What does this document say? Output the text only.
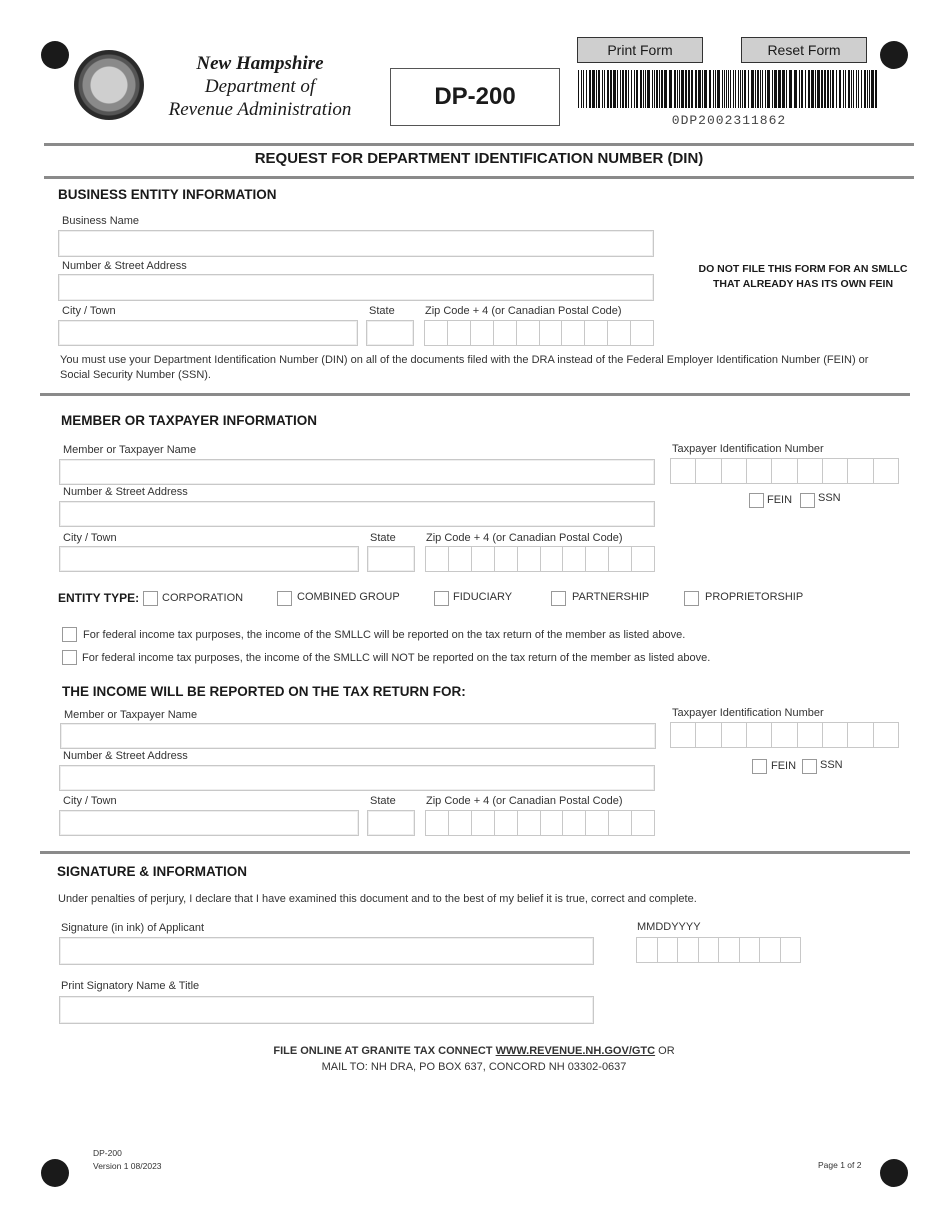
New Hampshire
Department of
Revenue Administration	DP-200
Print Form	Reset Form
0DP2002311862
REQUEST FOR DEPARTMENT IDENTIFICATION NUMBER (DIN)
BUSINESS ENTITY INFORMATION
Business Name
Number & Street Address
City / Town	State	Zip Code + 4 (or Canadian Postal Code)
DO NOT FILE THIS FORM FOR AN SMLLC
THAT ALREADY HAS ITS OWN FEIN
You must use your Department Identification Number (DIN) on all of the documents filed with the DRA instead of the Federal Employer Identification Number (FEIN) or
Social Security Number (SSN).
MEMBER OR TAXPAYER INFORMATION
Member or Taxpayer Name	Taxpayer Identification Number
FEIN SSN
Number & Street Address
City / Town	State	Zip Code + 4 (or Canadian Postal Code)
ENTITY TYPE: CORPORATION	COMBINED GROUP	FIDUCIARY	PARTNERSHIP	PROPRIETORSHIP
For federal income tax purposes, the income of the SMLLC will be reported on the tax return of the member as listed above.
For federal income tax purposes, the income of the SMLLC will NOT be reported on the tax return of the member as listed above.
THE INCOME WILL BE REPORTED ON THE TAX RETURN FOR:
Member or Taxpayer Name	Taxpayer Identification Number
FEIN SSN
Number & Street Address
City / Town	State	Zip Code + 4 (or Canadian Postal Code)
SIGNATURE & INFORMATION
Under penalties of perjury, I declare that I have examined this document and to the best of my belief it is true, correct and complete.
Signature (in ink) of Applicant	MMDDYYYY
Print Signatory Name & Title
FILE ONLINE AT GRANITE TAX CONNECT WWW.REVENUE.NH.GOV/GTC OR
MAIL TO: NH DRA, PO BOX 637, CONCORD NH 03302-0637
DP-200
Version 1 08/2023	Page 1 of 2
